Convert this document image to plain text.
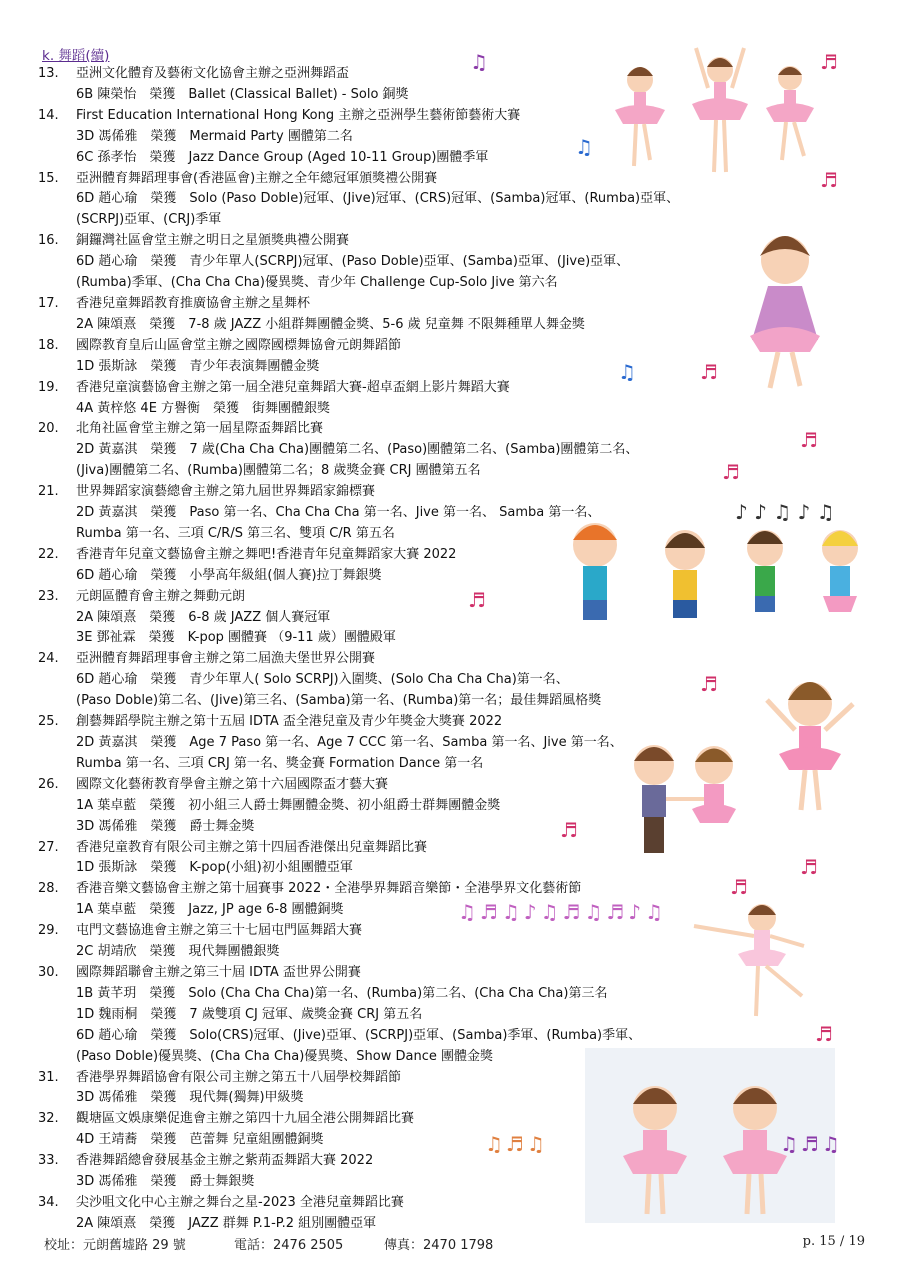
k. 舞蹈(續)
13.	亞洲文化體育及藝術文化協會主辦之亞洲舞蹈盃
6B 陳榮怡　榮獲　Ballet (Classical Ballet) - Solo 銅獎
14.	First Education International Hong Kong 主辦之亞洲學生藝術節藝術大賽
3D 馮俙雅　榮獲　Mermaid Party 團體第二名
6C 孫孝怡　榮獲　Jazz Dance Group (Aged 10-11 Group)團體季軍
15.	亞洲體育舞蹈理事會(香港區會)主辦之全年總冠軍頒獎禮公開賽
6D 趙心瑜　榮獲　Solo (Paso Doble)冠軍、(Jive)冠軍、(CRS)冠軍、(Samba)冠軍、(Rumba)亞軍、
(SCRPJ)亞軍、(CRJ)季軍
16.	銅鑼灣社區會堂主辦之明日之星頒獎典禮公開賽
6D 趙心瑜　榮獲　青少年單人(SCRPJ)冠軍、(Paso Doble)亞軍、(Samba)亞軍、(Jive)亞軍、
(Rumba)季軍、(Cha Cha Cha)優異獎、青少年 Challenge Cup-Solo Jive 第六名
17.	香港兒童舞蹈教育推廣協會主辦之星舞杯
2A 陳頌熹　榮獲　7-8 歲 JAZZ 小組群舞團體金獎、5-6 歲 兒童舞 不限舞種單人舞金獎
18.	國際教育皇后山區會堂主辦之國際國標舞協會元朗舞蹈節
1D 張斯詠　榮獲　青少年表演舞團體金獎
19.	香港兒童演藝協會主辦之第一屆全港兒童舞蹈大賽-超卓盃網上影片舞蹈大賽
4A 黃梓悠 4E 方譽衡　榮獲　街舞團體銀獎
20.	北角社區會堂主辦之第一屆星際盃舞蹈比賽
2D 黃嘉淇　榮獲　7 歲(Cha Cha Cha)團體第二名、(Paso)團體第二名、(Samba)團體第二名、
(Jiva)團體第二名、(Rumba)團體第二名；8 歲獎金賽 CRJ 團體第五名
21.	世界舞蹈家演藝總會主辦之第九屆世界舞蹈家錦標賽
2D 黃嘉淇　榮獲　Paso 第一名、Cha Cha Cha 第一名、Jive 第一名、 Samba 第一名、
Rumba 第一名、三項 C/R/S 第三名、雙項 C/R 第五名
22.	香港青年兒童文藝協會主辦之舞吧!香港青年兒童舞蹈家大賽 2022
6D 趙心瑜　榮獲　小學高年級組(個人賽)拉丁舞銀獎
23.	元朗區體育會主辦之舞動元朗
2A 陳頌熹　榮獲　6-8 歲 JAZZ 個人賽冠軍
3E 鄧祉霖　榮獲　K-pop 團體賽 （9-11 歲）團體殿軍
24.	亞洲體育舞蹈理事會主辦之第二屆漁夫堡世界公開賽
6D 趙心瑜　榮獲　青少年單人( Solo SCRPJ)入圍獎、(Solo Cha Cha Cha)第一名、
(Paso Doble)第二名、(Jive)第三名、(Samba)第一名、(Rumba)第一名；最佳舞蹈風格獎
25.	創藝舞蹈學院主辦之第十五屆 IDTA 盃全港兒童及青少年獎金大獎賽 2022
2D 黃嘉淇　榮獲　Age 7 Paso 第一名、Age 7 CCC 第一名、Samba 第一名、Jive 第一名、
Rumba 第一名、三項 CRJ 第一名、獎金賽 Formation Dance 第一名
26.	國際文化藝術教育學會主辦之第十六屆國際盃才藝大賽
1A 葉卓藍　榮獲　初小組三人爵士舞團體金獎、初小組爵士群舞團體金獎
3D 馮俙雅　榮獲　爵士舞金獎
27.	香港兒童教育有限公司主辦之第十四屆香港傑出兒童舞蹈比賽
1D 張斯詠　榮獲　K-pop(小組)初小組團體亞軍
28.	香港音樂文藝協會主辦之第十屆賽事 2022・全港學界舞蹈音樂節・全港學界文化藝術節
1A 葉卓藍　榮獲　Jazz, JP age 6-8 團體銅獎
29.	屯門文藝協進會主辦之第三十七屆屯門區舞蹈大賽
2C 胡靖欣　榮獲　現代舞團體銀獎
30.	國際舞蹈聯會主辦之第三十屆 IDTA 盃世界公開賽
1B 黃芊玥　榮獲　Solo (Cha Cha Cha)第一名、(Rumba)第二名、(Cha Cha Cha)第三名
1D 魏雨桐　榮獲　7 歲雙項 CJ 冠軍、歲獎金賽 CRJ 第五名
6D 趙心瑜　榮獲　Solo(CRS)冠軍、(Jive)亞軍、(SCRPJ)亞軍、(Samba)季軍、(Rumba)季軍、
(Paso Doble)優異獎、(Cha Cha Cha)優異獎、Show Dance 團體金獎
31.	香港學界舞蹈協會有限公司主辦之第五十八屆學校舞蹈節
3D 馮俙雅　榮獲　現代舞(獨舞)甲級獎
32.	觀塘區文娛康樂促進會主辦之第四十九屆全港公開舞蹈比賽
4D 王靖蕎　榮獲　芭蕾舞 兒童組團體銅獎
33.	香港舞蹈總會發展基金主辦之紫荊盃舞蹈大賽 2022
3D 馮俙雅　榮獲　爵士舞銀獎
34.	尖沙咀文化中心主辦之舞台之星-2023 全港兒童舞蹈比賽
2A 陳頌熹　榮獲　JAZZ 群舞 P.1-P.2 組別團體亞軍
♫
♫
♬
♬
♫	♬
♬
♬
♪ ♪ ♫ ♪ ♫
♬
♬
♬
♬
♬
♫♬♫♪♫♬♫♬♪♫
♬
♫♬♫	♫♬♫
校址：元朗舊墟路 29 號	電話：2476 2505	傳真：2470 1798	p. 15 / 19
